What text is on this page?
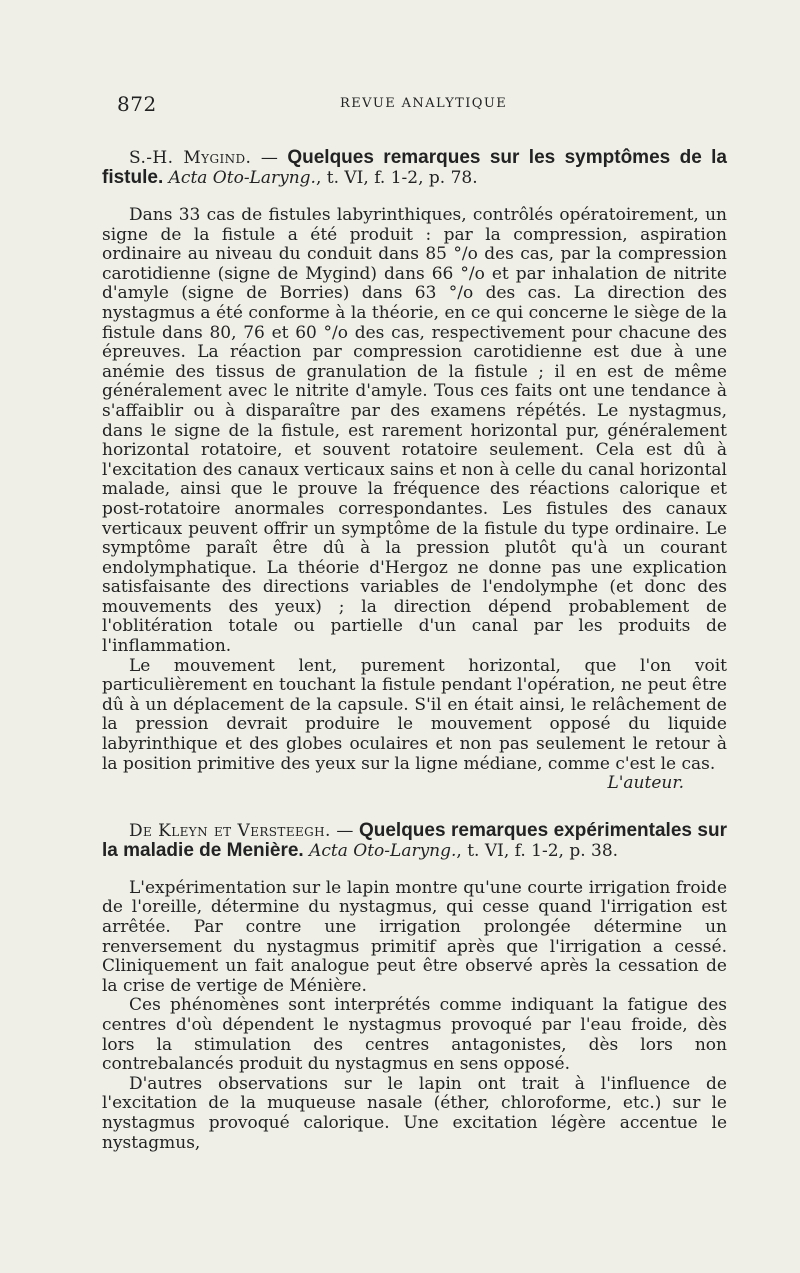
872	REVUE ANALYTIQUE

S.-H. Mygind. — Quelques remarques sur les symptômes de la fistule. Acta Oto-Laryng., t. VI, f. 1-2, p. 78.

Dans 33 cas de fistules labyrinthiques, contrôlés opératoirement, un signe de la fistule a été produit : par la compression, aspiration ordinaire au niveau du conduit dans 85 °/o des cas, par la compression carotidienne (signe de Mygind) dans 66 °/o et par inhalation de nitrite d'amyle (signe de Borries) dans 63 °/o des cas. La direction des nystagmus a été conforme à la théorie, en ce qui concerne le siège de la fistule dans 80, 76 et 60 °/o des cas, respectivement pour chacune des épreuves. La réaction par compression carotidienne est due à une anémie des tissus de granulation de la fistule ; il en est de même généralement avec le nitrite d'amyle. Tous ces faits ont une tendance à s'affaiblir ou à disparaître par des examens répétés. Le nystagmus, dans le signe de la fistule, est rarement horizontal pur, généralement horizontal rotatoire, et souvent rotatoire seulement. Cela est dû à l'excitation des canaux verticaux sains et non à celle du canal horizontal malade, ainsi que le prouve la fréquence des réactions calorique et post-rotatoire anormales correspondantes. Les fistules des canaux verticaux peuvent offrir un symptôme de la fistule du type ordinaire. Le symptôme paraît être dû à la pression plutôt qu'à un courant endolymphatique. La théorie d'Hergoz ne donne pas une explication satisfaisante des directions variables de l'endolymphe (et donc des mouvements des yeux) ; la direction dépend probablement de l'oblitération totale ou partielle d'un canal par les produits de l'inflammation.

Le mouvement lent, purement horizontal, que l'on voit particulièrement en touchant la fistule pendant l'opération, ne peut être dû à un déplacement de la capsule. S'il en était ainsi, le relâchement de la pression devrait produire le mouvement opposé du liquide labyrinthique et des globes oculaires et non pas seulement le retour à la position primitive des yeux sur la ligne médiane, comme c'est le cas.

L'auteur.

De Kleyn et Versteegh. — Quelques remarques expérimentales sur la maladie de Menière. Acta Oto-Laryng., t. VI, f. 1-2, p. 38.

L'expérimentation sur le lapin montre qu'une courte irrigation froide de l'oreille, détermine du nystagmus, qui cesse quand l'irrigation est arrêtée. Par contre une irrigation prolongée détermine un renversement du nystagmus primitif après que l'irrigation a cessé. Cliniquement un fait analogue peut être observé après la cessation de la crise de vertige de Ménière.

Ces phénomènes sont interprétés comme indiquant la fatigue des centres d'où dépendent le nystagmus provoqué par l'eau froide, dès lors la stimulation des centres antagonistes, dès lors non contrebalancés produit du nystagmus en sens opposé.

D'autres observations sur le lapin ont trait à l'influence de l'excitation de la muqueuse nasale (éther, chloroforme, etc.) sur le nystagmus provoqué calorique. Une excitation légère accentue le nystagmus,
